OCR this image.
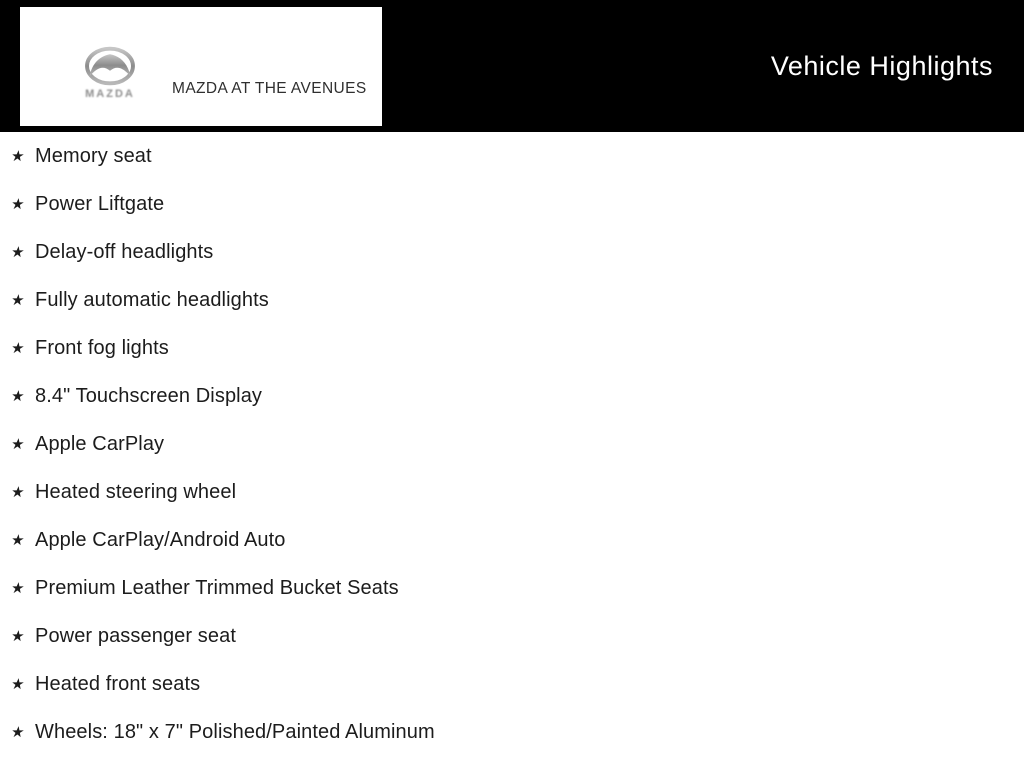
MAZDA MAZDA AT THE AVENUES
Vehicle Highlights
★ Memory seat
★ Power Liftgate
★ Delay-off headlights
★ Fully automatic headlights
★ Front fog lights
★ 8.4" Touchscreen Display
★ Apple CarPlay
★ Heated steering wheel
★ Apple CarPlay/Android Auto
★ Premium Leather Trimmed Bucket Seats
★ Power passenger seat
★ Heated front seats
★ Wheels: 18" x 7" Polished/Painted Aluminum
